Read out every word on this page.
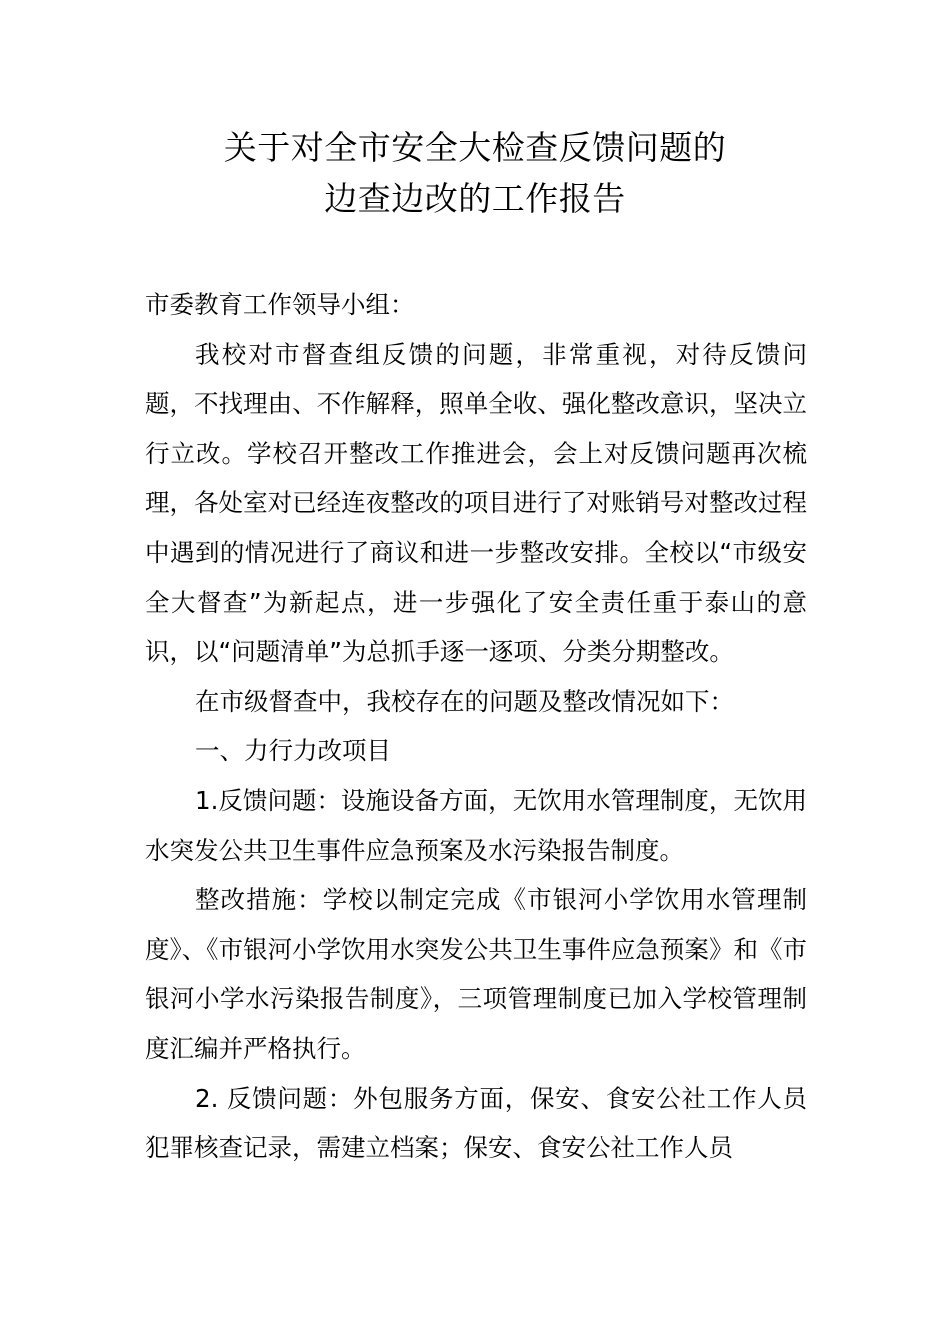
关于对全市安全大检查反馈问题的
边查边改的工作报告

市委教育工作领导小组：

我校对市督查组反馈的问题，非常重视，对待反馈问题，不找理由、不作解释，照单全收、强化整改意识，坚决立行立改。学校召开整改工作推进会，会上对反馈问题再次梳理，各处室对已经连夜整改的项目进行了对账销号对整改过程中遇到的情况进行了商议和进一步整改安排。全校以“市级安全大督查”为新起点，进一步强化了安全责任重于泰山的意识，以“问题清单”为总抓手逐一逐项、分类分期整改。

在市级督查中，我校存在的问题及整改情况如下：

一、力行力改项目

1.反馈问题：设施设备方面，无饮用水管理制度，无饮用水突发公共卫生事件应急预案及水污染报告制度。

整改措施：学校以制定完成《市银河小学饮用水管理制度》、《市银河小学饮用水突发公共卫生事件应急预案》和《市银河小学水污染报告制度》，三项管理制度已加入学校管理制度汇编并严格执行。

2. 反馈问题：外包服务方面，保安、食安公社工作人员犯罪核查记录，需建立档案；保安、食安公社工作人员
